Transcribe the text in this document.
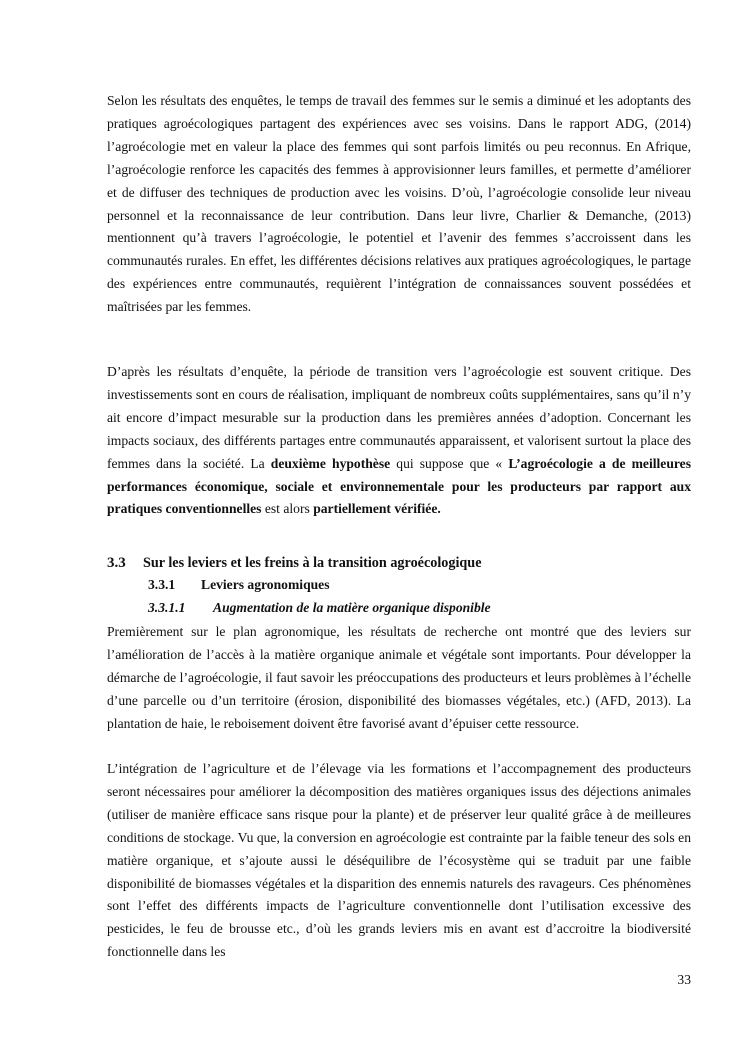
Selon les résultats des enquêtes, le temps de travail des femmes sur le semis a diminué et les adoptants des pratiques agroécologiques partagent des expériences avec ses voisins. Dans le rapport ADG, (2014) l’agroécologie met en valeur la place des femmes qui sont parfois limités ou peu reconnus. En Afrique, l’agroécologie renforce les capacités des femmes à approvisionner leurs familles, et permette d’améliorer et de diffuser des techniques de production avec les voisins. D’où, l’agroécologie consolide leur niveau personnel et la reconnaissance de leur contribution. Dans leur livre, Charlier & Demanche, (2013) mentionnent qu’à travers l’agroécologie, le potentiel et l’avenir des femmes s’accroissent dans les communautés rurales. En effet, les différentes décisions relatives aux pratiques agroécologiques, le partage des expériences entre communautés, requièrent l’intégration de connaissances souvent possédées et maîtrisées par les femmes.

D’après les résultats d’enquête, la période de transition vers l’agroécologie est souvent critique. Des investissements sont en cours de réalisation, impliquant de nombreux coûts supplémentaires, sans qu’il n’y ait encore d’impact mesurable sur la production dans les premières années d’adoption. Concernant les impacts sociaux, des différents partages entre communautés apparaissent, et valorisent surtout la place des femmes dans la société. La deuxième hypothèse qui suppose que « L’agroécologie a de meilleures performances économique, sociale et environnementale pour les producteurs par rapport aux pratiques conventionnelles est alors partiellement vérifiée.

3.3 Sur les leviers et les freins à la transition agroécologique
3.3.1 Leviers agronomiques
3.3.1.1 Augmentation de la matière organique disponible

Premièrement sur le plan agronomique, les résultats de recherche ont montré que des leviers sur l’amélioration de l’accès à la matière organique animale et végétale sont importants. Pour développer la démarche de l’agroécologie, il faut savoir les préoccupations des producteurs et leurs problèmes à l’échelle d’une parcelle ou d’un territoire (érosion, disponibilité des biomasses végétales, etc.) (AFD, 2013). La plantation de haie, le reboisement doivent être favorisé avant d’épuiser cette ressource.

L’intégration de l’agriculture et de l’élevage via les formations et l’accompagnement des producteurs seront nécessaires pour améliorer la décomposition des matières organiques issus des déjections animales (utiliser de manière efficace sans risque pour la plante) et de préserver leur qualité grâce à de meilleures conditions de stockage. Vu que, la conversion en agroécologie est contrainte par la faible teneur des sols en matière organique, et s’ajoute aussi le déséquilibre de l’écosystème qui se traduit par une faible disponibilité de biomasses végétales et la disparition des ennemis naturels des ravageurs. Ces phénomènes sont l’effet des différents impacts de l’agriculture conventionnelle dont l’utilisation excessive des pesticides, le feu de brousse etc., d’où les grands leviers mis en avant est d’accroitre la biodiversité fonctionnelle dans les

33
